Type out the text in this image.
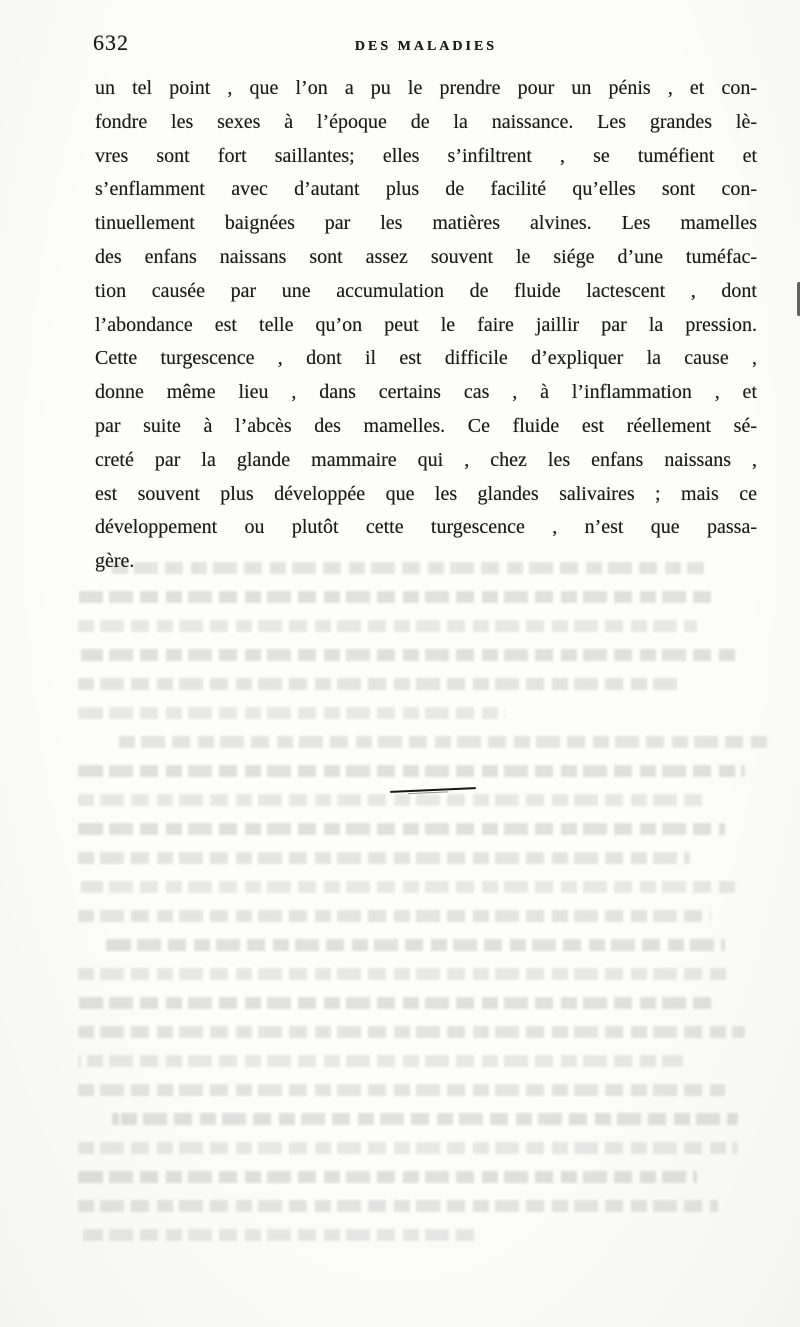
632	DES MALADIES
un tel point , que l’on a pu le prendre pour un pénis , et con-
fondre les sexes à l’époque de la naissance. Les grandes lè-
vres sont fort saillantes; elles s’infiltrent , se tuméfient et
s’enflamment avec d’autant plus de facilité qu’elles sont con-
tinuellement baignées par les matières alvines. Les mamelles
des enfans naissans sont assez souvent le siége d’une tuméfac-
tion causée par une accumulation de fluide lactescent , dont
l’abondance est telle qu’on peut le faire jaillir par la pression.
Cette turgescence , dont il est difficile d’expliquer la cause ,
donne même lieu , dans certains cas , à l’inflammation , et
par suite à l’abcès des mamelles. Ce fluide est réellement sé-
creté par la glande mammaire qui , chez les enfans naissans ,
est souvent plus développée que les glandes salivaires ; mais ce
développement ou plutôt cette turgescence , n’est que passa-
gère.
